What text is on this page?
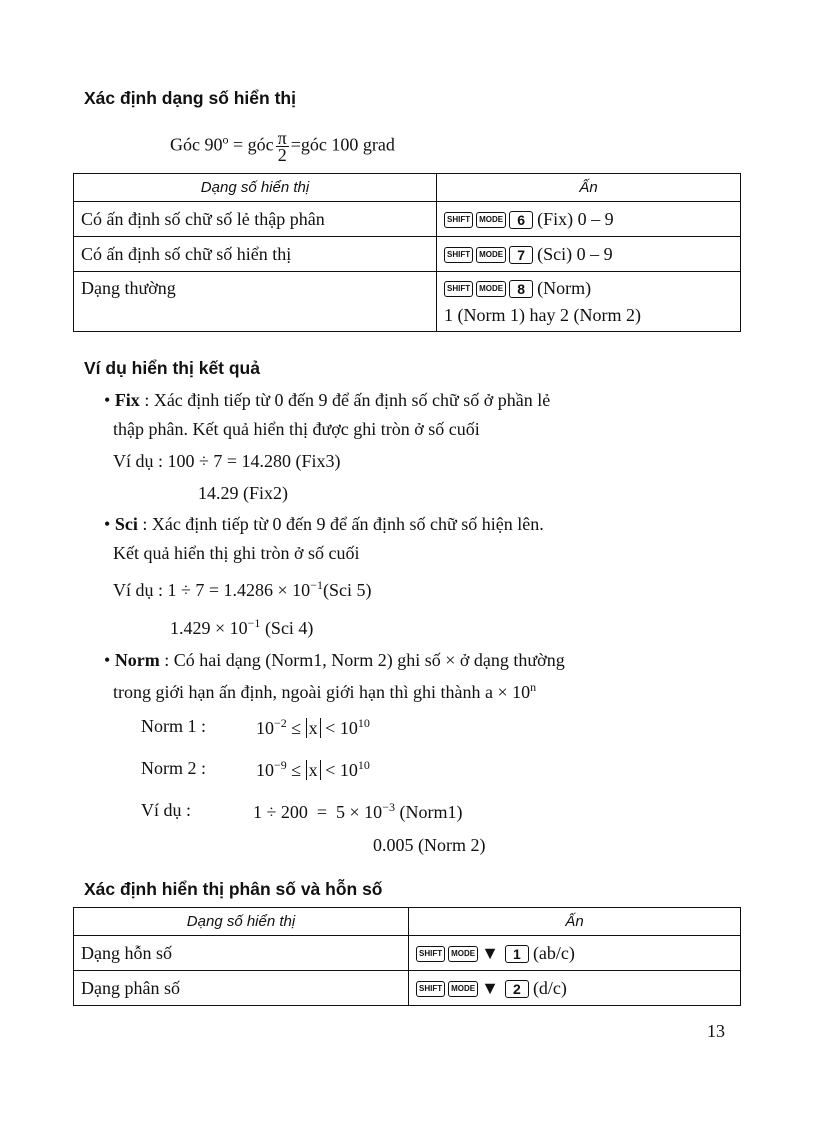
Xác định dạng số hiển thị
Góc $90^o$ = góc $\frac{\pi}{2}$ =góc 100 grad
Dạng số hiển thị	Ấn
Có ấn định số chữ số lẻ thập phân	SHIFT MODE 6 (Fix) 0 – 9
Có ấn định số chữ số hiển thị	SHIFT MODE 7 (Sci) 0 – 9
Dạng thường	SHIFT MODE 8 (Norm)
1 (Norm 1) hay 2 (Norm 2)
Ví dụ hiển thị kết quả
• Fix : Xác định tiếp từ 0 đến 9 để ấn định số chữ số ở phần lẻ
thập phân. Kết quả hiển thị được ghi tròn ở số cuối
Ví dụ : 100 ÷ 7 = 14.280 (Fix3)
14.29 (Fix2)
• Sci : Xác định tiếp từ 0 đến 9 để ấn định số chữ số hiện lên.
Kết quả hiển thị ghi tròn ở số cuối
Ví dụ : $1 \div 7 = 1.4286 \times 10^{-1}(Sci$ 5)
$1.429 \times 10^{-1}$ (Sci 4)
• Norm : Có hai dạng (Norm1, Norm 2) ghi số × ở dạng thường
trong giới hạn ấn định, ngoài giới hạn thì ghi thành $a \times 10^n$
Norm 1 :	$10^{-2} \le x < 10^{10}$
Norm 2 :	$10^{-9} \le x < 10^{10}$
Ví dụ :	$1 \div 200 = 5 \times 10^{-3}$ (Norm1)
0.005 (Norm 2)
Xác định hiển thị phân số và hỗn số
Dạng số hiển thị	Ấn
Dạng hỗn số	SHIFT MODE ▼ 1 (ab/c)
Dạng phân số	SHIFT MODE ▼ 2 (d/c)
13
